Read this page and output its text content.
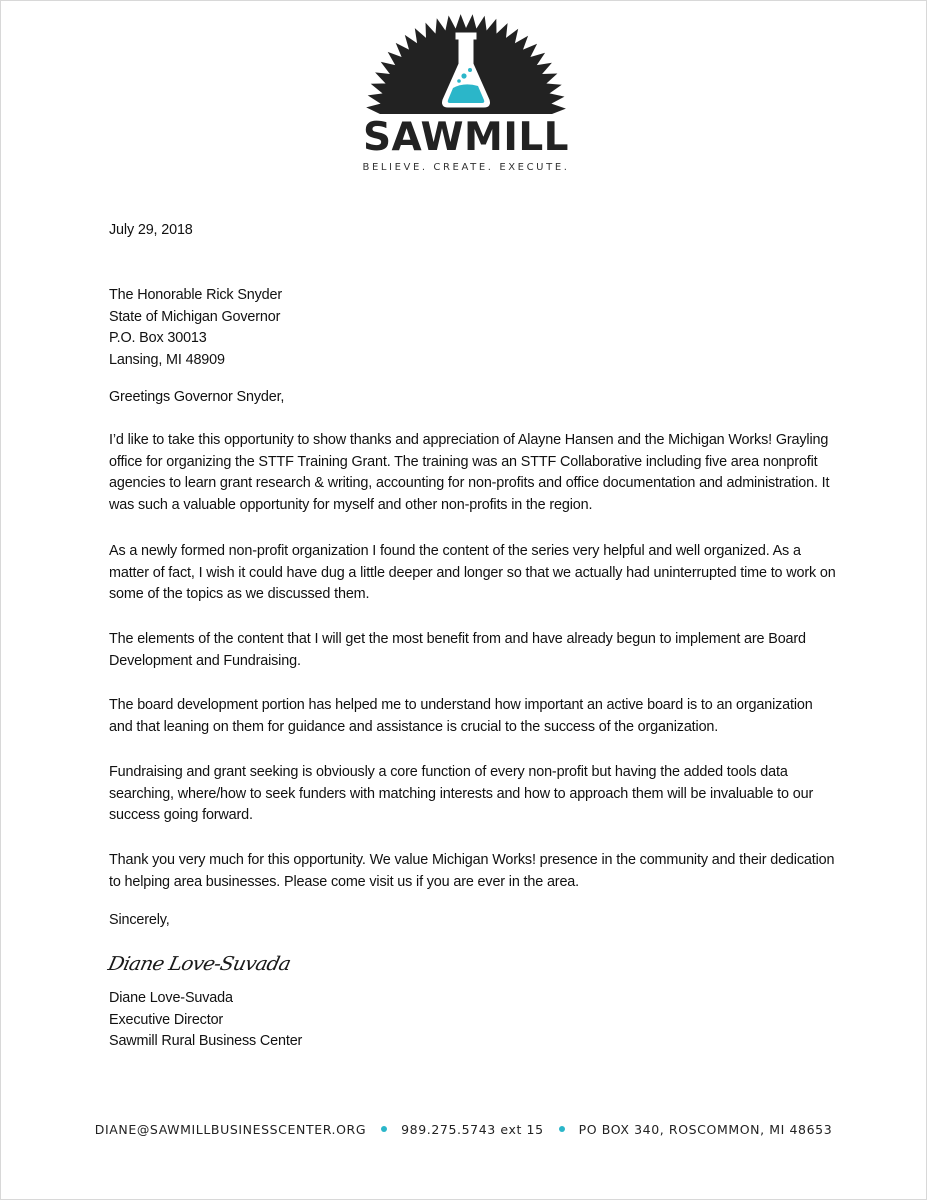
SAWMILL
BELIEVE. CREATE. EXECUTE.
July 29, 2018
The Honorable Rick Snyder
State of Michigan Governor
P.O. Box 30013
Lansing, MI 48909
Greetings Governor Snyder,
I’d like to take this opportunity to show thanks and appreciation of Alayne Hansen and the Michigan Works! Grayling
office for organizing the STTF Training Grant. The training was an STTF Collaborative including five area nonprofit
agencies to learn grant research & writing, accounting for non-profits and office documentation and administration. It
was such a valuable opportunity for myself and other non-profits in the region.
As a newly formed non-profit organization I found the content of the series very helpful and well organized. As a
matter of fact, I wish it could have dug a little deeper and longer so that we actually had uninterrupted time to work on
some of the topics as we discussed them.
The elements of the content that I will get the most benefit from and have already begun to implement are Board
Development and Fundraising.
The board development portion has helped me to understand how important an active board is to an organization
and that leaning on them for guidance and assistance is crucial to the success of the organization.
Fundraising and grant seeking is obviously a core function of every non-profit but having the added tools data
searching, where/how to seek funders with matching interests and how to approach them will be invaluable to our
success going forward.
Thank you very much for this opportunity. We value Michigan Works! presence in the community and their dedication
to helping area businesses. Please come visit us if you are ever in the area.
Sincerely,
Diane Love-Suvada
Diane Love-Suvada
Executive Director
Sawmill Rural Business Center
DIANE@SAWMILLBUSINESSCENTER.ORG	989.275.5743 ext 15	PO BOX 340, ROSCOMMON, MI 48653
